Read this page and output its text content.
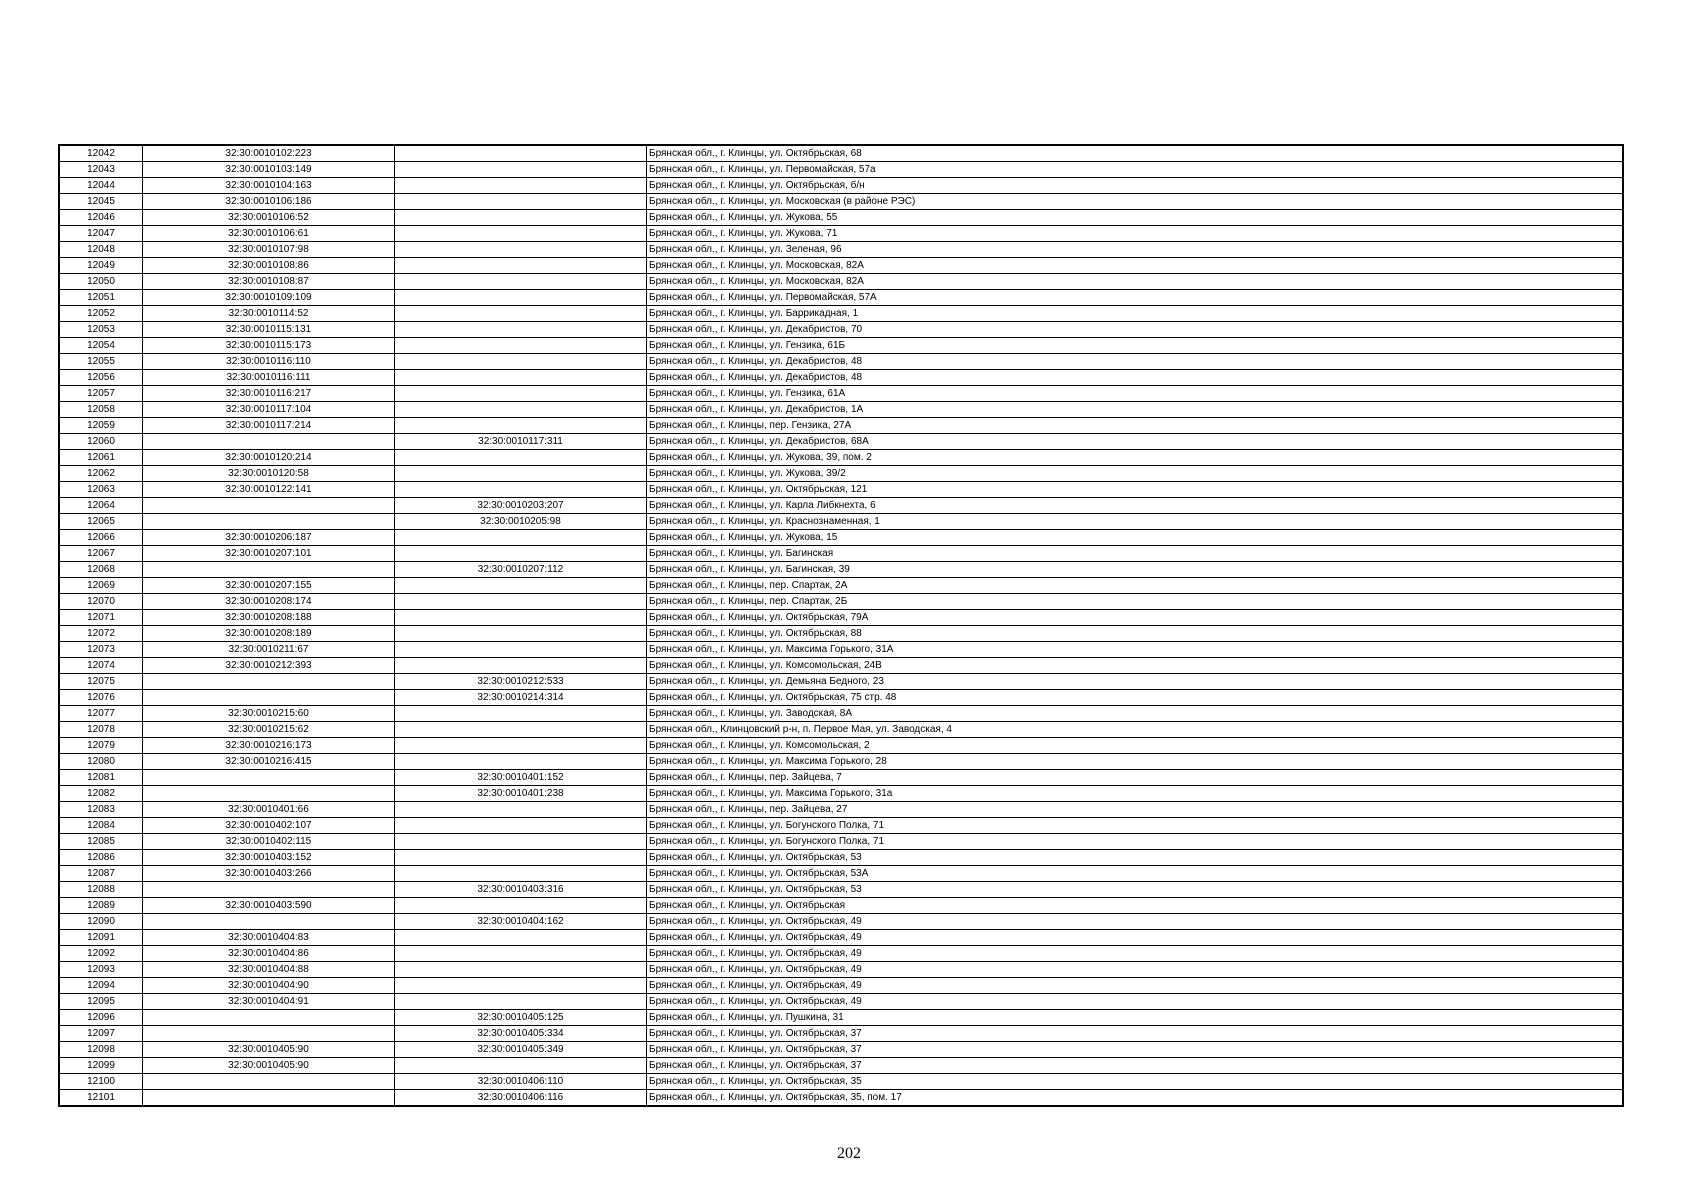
12042	32:30:0010102:223		Брянская обл., г. Клинцы, ул. Октябрьская, 68
12043	32:30:0010103:149		Брянская обл., г. Клинцы, ул. Первомайская, 57а
12044	32:30:0010104:163		Брянская обл., г. Клинцы, ул. Октябрьская, б/н
12045	32:30:0010106:186		Брянская обл., г. Клинцы, ул. Московская (в районе РЭС)
12046	32:30:0010106:52		Брянская обл., г. Клинцы, ул. Жукова, 55
12047	32:30:0010106:61		Брянская обл., г. Клинцы, ул. Жукова, 71
12048	32:30:0010107:98		Брянская обл., г. Клинцы, ул. Зеленая, 96
12049	32:30:0010108:86		Брянская обл., г. Клинцы, ул. Московская, 82А
12050	32:30:0010108:87		Брянская обл., г. Клинцы, ул. Московская, 82А
12051	32:30:0010109:109		Брянская обл., г. Клинцы, ул. Первомайская, 57А
12052	32:30:0010114:52		Брянская обл., г. Клинцы, ул. Баррикадная, 1
12053	32:30:0010115:131		Брянская обл., г. Клинцы, ул. Декабристов, 70
12054	32:30:0010115:173		Брянская обл., г. Клинцы, ул. Гензика, 61Б
12055	32:30:0010116:110		Брянская обл., г. Клинцы, ул. Декабристов, 48
12056	32:30:0010116:111		Брянская обл., г. Клинцы, ул. Декабристов, 48
12057	32:30:0010116:217		Брянская обл., г. Клинцы, ул. Гензика, 61А
12058	32:30:0010117:104		Брянская обл., г. Клинцы, ул. Декабристов, 1А
12059	32:30:0010117:214		Брянская обл., г. Клинцы, пер. Гензика, 27А
12060		32:30:0010117:311	Брянская обл., г. Клинцы, ул. Декабристов, 68А
12061	32:30:0010120:214		Брянская обл., г. Клинцы, ул. Жукова, 39, пом. 2
12062	32:30:0010120:58		Брянская обл., г. Клинцы, ул. Жукова, 39/2
12063	32:30:0010122:141		Брянская обл., г. Клинцы, ул. Октябрьская, 121
12064		32:30:0010203:207	Брянская обл., г. Клинцы, ул. Карла Либкнехта, 6
12065		32:30:0010205:98	Брянская обл., г. Клинцы, ул. Краснознаменная, 1
12066	32:30:0010206:187		Брянская обл., г. Клинцы, ул. Жукова, 15
12067	32:30:0010207:101		Брянская обл., г. Клинцы, ул. Багинская
12068		32:30:0010207:112	Брянская обл., г. Клинцы, ул. Багинская, 39
12069	32:30:0010207:155		Брянская обл., г. Клинцы, пер. Спартак, 2А
12070	32:30:0010208:174		Брянская обл., г. Клинцы, пер. Спартак, 2Б
12071	32:30:0010208:188		Брянская обл., г. Клинцы, ул. Октябрьская, 79А
12072	32:30:0010208:189		Брянская обл., г. Клинцы, ул. Октябрьская, 88
12073	32:30:0010211:67		Брянская обл., г. Клинцы, ул. Максима Горького, 31А
12074	32:30:0010212:393		Брянская обл., г. Клинцы, ул. Комсомольская, 24В
12075		32:30:0010212:533	Брянская обл., г. Клинцы, ул. Демьяна Бедного, 23
12076		32:30:0010214:314	Брянская обл., г. Клинцы, ул. Октябрьская, 75 стр. 48
12077	32:30:0010215:60		Брянская обл., г. Клинцы, ул. Заводская, 8А
12078	32:30:0010215:62		Брянская обл., Клинцовский р-н, п. Первое Мая, ул. Заводская, 4
12079	32:30:0010216:173		Брянская обл., г. Клинцы, ул. Комсомольская, 2
12080	32:30:0010216:415		Брянская обл., г. Клинцы, ул. Максима Горького, 28
12081		32:30:0010401:152	Брянская обл., г. Клинцы, пер. Зайцева, 7
12082		32:30:0010401:238	Брянская обл., г. Клинцы, ул. Максима Горького, 31а
12083	32:30:0010401:66		Брянская обл., г. Клинцы, пер. Зайцева, 27
12084	32:30:0010402:107		Брянская обл., г. Клинцы, ул. Богунского Полка, 71
12085	32:30:0010402:115		Брянская обл., г. Клинцы, ул. Богунского Полка, 71
12086	32:30:0010403:152		Брянская обл., г. Клинцы, ул. Октябрьская, 53
12087	32:30:0010403:266		Брянская обл., г. Клинцы, ул. Октябрьская, 53А
12088		32:30:0010403:316	Брянская обл., г. Клинцы, ул. Октябрьская, 53
12089	32:30:0010403:590		Брянская обл., г. Клинцы, ул. Октябрьская
12090		32:30:0010404:162	Брянская обл., г. Клинцы, ул. Октябрьская, 49
12091	32:30:0010404:83		Брянская обл., г. Клинцы, ул. Октябрьская, 49
12092	32:30:0010404:86		Брянская обл., г. Клинцы, ул. Октябрьская, 49
12093	32:30:0010404:88		Брянская обл., г. Клинцы, ул. Октябрьская, 49
12094	32:30:0010404:90		Брянская обл., г. Клинцы, ул. Октябрьская, 49
12095	32:30:0010404:91		Брянская обл., г. Клинцы, ул. Октябрьская, 49
12096		32:30:0010405:125	Брянская обл., г. Клинцы, ул. Пушкина, 31
12097		32:30:0010405:334	Брянская обл., г. Клинцы, ул. Октябрьская, 37
12098	32:30:0010405:90	32:30:0010405:349	Брянская обл., г. Клинцы, ул. Октябрьская, 37
12099	32:30:0010405:90		Брянская обл., г. Клинцы, ул. Октябрьская, 37
12100		32:30:0010406:110	Брянская обл., г. Клинцы, ул. Октябрьская, 35
12101		32:30:0010406:116	Брянская обл., г. Клинцы, ул. Октябрьская, 35, пом. 17
202
